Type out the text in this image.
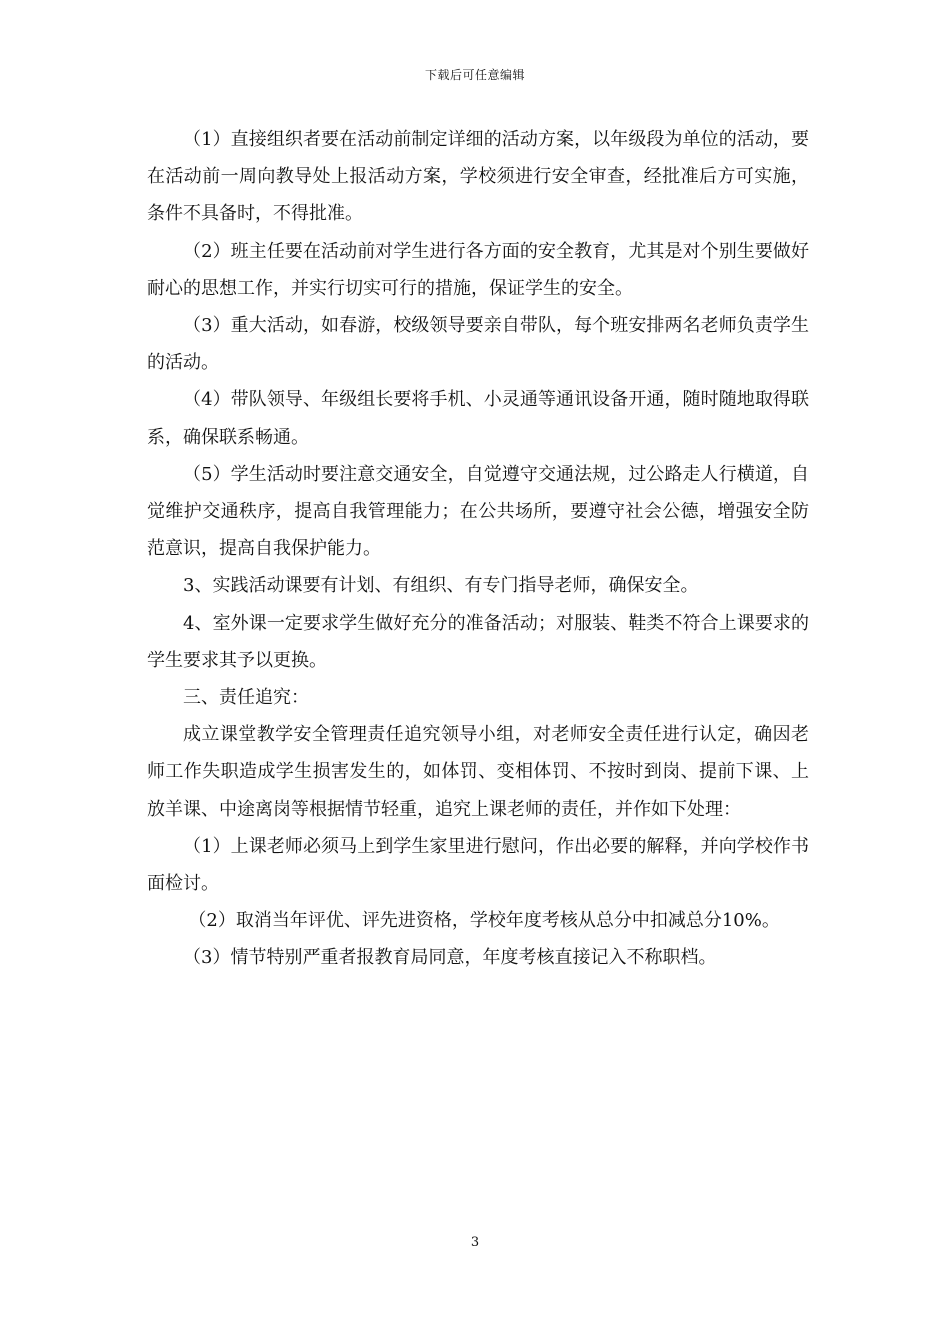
下载后可任意编辑

（1）直接组织者要在活动前制定详细的活动方案，以年级段为单位的活动，要在活动前一周向教导处上报活动方案，学校须进行安全审查，经批准后方可实施，条件不具备时，不得批准。

（2）班主任要在活动前对学生进行各方面的安全教育，尤其是对个别生要做好耐心的思想工作，并实行切实可行的措施，保证学生的安全。

（3）重大活动，如春游，校级领导要亲自带队，每个班安排两名老师负责学生的活动。

（4）带队领导、年级组长要将手机、小灵通等通讯设备开通，随时随地取得联系，确保联系畅通。

（5）学生活动时要注意交通安全，自觉遵守交通法规，过公路走人行横道，自觉维护交通秩序，提高自我管理能力；在公共场所，要遵守社会公德，增强安全防范意识，提高自我保护能力。

3、实践活动课要有计划、有组织、有专门指导老师，确保安全。

4、室外课一定要求学生做好充分的准备活动；对服装、鞋类不符合上课要求的学生要求其予以更换。

三、责任追究：

成立课堂教学安全管理责任追究领导小组，对老师安全责任进行认定，确因老师工作失职造成学生损害发生的，如体罚、变相体罚、不按时到岗、提前下课、上放羊课、中途离岗等根据情节轻重，追究上课老师的责任，并作如下处理：

（1）上课老师必须马上到学生家里进行慰问，作出必要的解释，并向学校作书面检讨。

（2）取消当年评优、评先进资格，学校年度考核从总分中扣减总分10%。

（3）情节特别严重者报教育局同意，年度考核直接记入不称职档。

3
